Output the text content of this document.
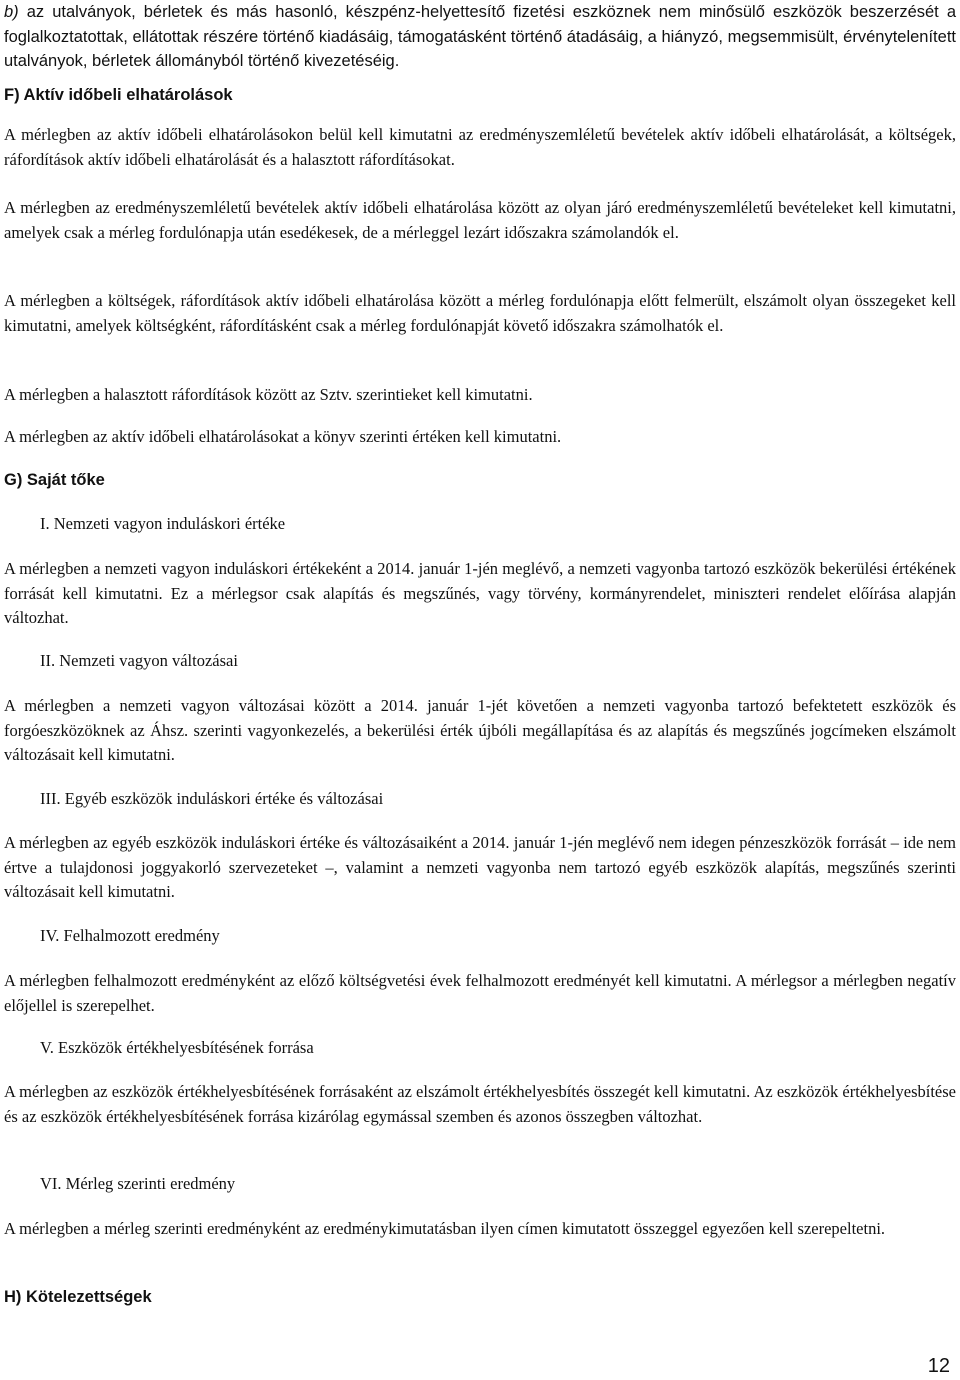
b) az utalványok, bérletek és más hasonló, készpénz-helyettesítő fizetési eszköznek nem minősülő eszközök beszerzését a foglalkoztatottak, ellátottak részére történő kiadásáig, támogatásként történő átadásáig, a hiányzó, megsemmisült, érvénytelenített utalványok, bérletek állományból történő kivezetéséig.

F) Aktív időbeli elhatárolások

A mérlegben az aktív időbeli elhatárolásokon belül kell kimutatni az eredményszemléletű bevételek aktív időbeli elhatárolását, a költségek, ráfordítások aktív időbeli elhatárolását és a halasztott ráfordításokat.

A mérlegben az eredményszemléletű bevételek aktív időbeli elhatárolása között az olyan járó eredményszemléletű bevételeket kell kimutatni, amelyek csak a mérleg fordulónapja után esedékesek, de a mérleggel lezárt időszakra számolandók el.

A mérlegben a költségek, ráfordítások aktív időbeli elhatárolása között a mérleg fordulónapja előtt felmerült, elszámolt olyan összegeket kell kimutatni, amelyek költségként, ráfordításként csak a mérleg fordulónapját követő időszakra számolhatók el.

A mérlegben a halasztott ráfordítások között az Sztv. szerintieket kell kimutatni.

A mérlegben az aktív időbeli elhatárolásokat a könyv szerinti értéken kell kimutatni.

G) Saját tőke
I. Nemzeti vagyon induláskori értéke

A mérlegben a nemzeti vagyon induláskori értékeként a 2014. január 1-jén meglévő, a nemzeti vagyonba tartozó eszközök bekerülési értékének forrását kell kimutatni. Ez a mérlegsor csak alapítás és megszűnés, vagy törvény, kormányrendelet, miniszteri rendelet előírása alapján változhat.

II. Nemzeti vagyon változásai

A mérlegben a nemzeti vagyon változásai között a 2014. január 1-jét követően a nemzeti vagyonba tartozó befektetett eszközök és forgóeszközöknek az Áhsz. szerinti vagyonkezelés, a bekerülési érték újbóli megállapítása és az alapítás és megszűnés jogcímeken elszámolt változásait kell kimutatni.

III. Egyéb eszközök induláskori értéke és változásai

A mérlegben az egyéb eszközök induláskori értéke és változásaiként a 2014. január 1-jén meglévő nem idegen pénzeszközök forrását – ide nem értve a tulajdonosi joggyakorló szervezeteket –, valamint a nemzeti vagyonba nem tartozó egyéb eszközök alapítás, megszűnés szerinti változásait kell kimutatni.

IV. Felhalmozott eredmény

A mérlegben felhalmozott eredményként az előző költségvetési évek felhalmozott eredményét kell kimutatni. A mérlegsor a mérlegben negatív előjellel is szerepelhet.

V. Eszközök értékhelyesbítésének forrása

A mérlegben az eszközök értékhelyesbítésének forrásaként az elszámolt értékhelyesbítés összegét kell kimutatni. Az eszközök értékhelyesbítése és az eszközök értékhelyesbítésének forrása kizárólag egymással szemben és azonos összegben változhat.

VI. Mérleg szerinti eredmény

A mérlegben a mérleg szerinti eredményként az eredménykimutatásban ilyen címen kimutatott összeggel egyezően kell szerepeltetni.

H) Kötelezettségek
12
